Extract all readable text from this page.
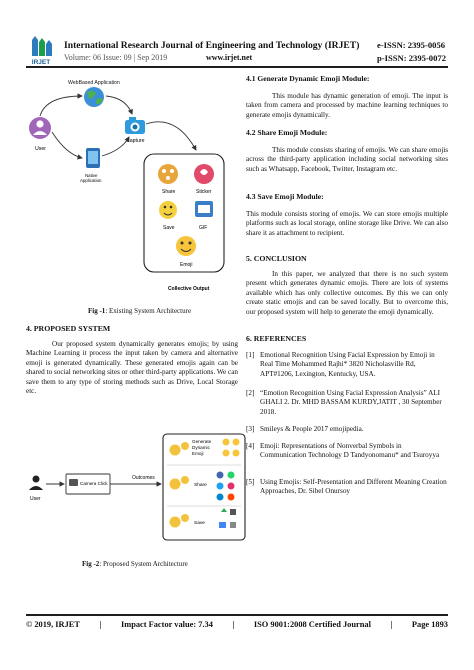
IRJET
International Research Journal of Engineering and Technology (IRJET) e-ISSN: 2395-0056
Volume: 06 Issue: 09 | Sep 2019	www.irjet.net	p-ISSN: 2395-0072
WebBased Application
User
Capture
Native
Application
Share	Sticker
Save	GIF
Emoji
Collective Output
Fig -1: Existing System Architecture
4. PROPOSED SYSTEM
Our proposed system dynamically generates emojis; by using Machine Learning it process the input taken by camera and alternative emoji is generated dynamically. These generated emojis again can be shared to social networking sites or other third-party applications. We can save them to any type of storing methods such as Drive, Local Storage etc.
User
Camera Click
Outcomes
Generate
Dynamic
Emoji
Share
Save
Fig -2: Proposed System Architecture
4.1 Generate Dynamic Emoji Module:
This module has dynamic generation of emoji. The input is taken from camera and processed by machine learning techniques to generate emojis dynamically.
4.2 Share Emoji Module:
This module consists sharing of emojis. We can share emojis across the third-party application including social networking sites such as Whatsapp, Facebook, Twitter, Instagram etc.
4.3 Save Emoji Module:
This module consists storing of emojis. We can store emojis multiple platforms such as local storage, online storage like Drive. We can also share it as attachment to recipient.
5. CONCLUSION
In this paper, we analyzed that there is no such system present which generates dynamic emojis. There are lots of systems available which has only collective outcomes. By this we can only create static emojis and can be saved locally. But to overcome this, our proposed system will help to generate the emoji dynamically.
6. REFERENCES
[1] Emotional Recognition Using Facial Expression by Emoji in Real Time Mohammed Rajhi* 3820 Nicholasville Rd, APT#1206, Lexington, Kentucky, USA.
[2] “Emotion Recognition Using Facial Expression Analysis” ALI GHALI 2. Dr. MHD BASSAM KURDY,JATIT , 30 September 2018.
[3] Smileys & People 2017 emojipedia.
[4] Emoji: Representations of Nonverbal Symbols in Communication Technology D Tandyonomanu* and Tsuroyya
[5] Using Emojis: Self-Presentation and Different Meaning Creation Approaches, Dr. Sibel Onursoy
© 2019, IRJET | Impact Factor value: 7.34 | ISO 9001:2008 Certified Journal | Page 1893
